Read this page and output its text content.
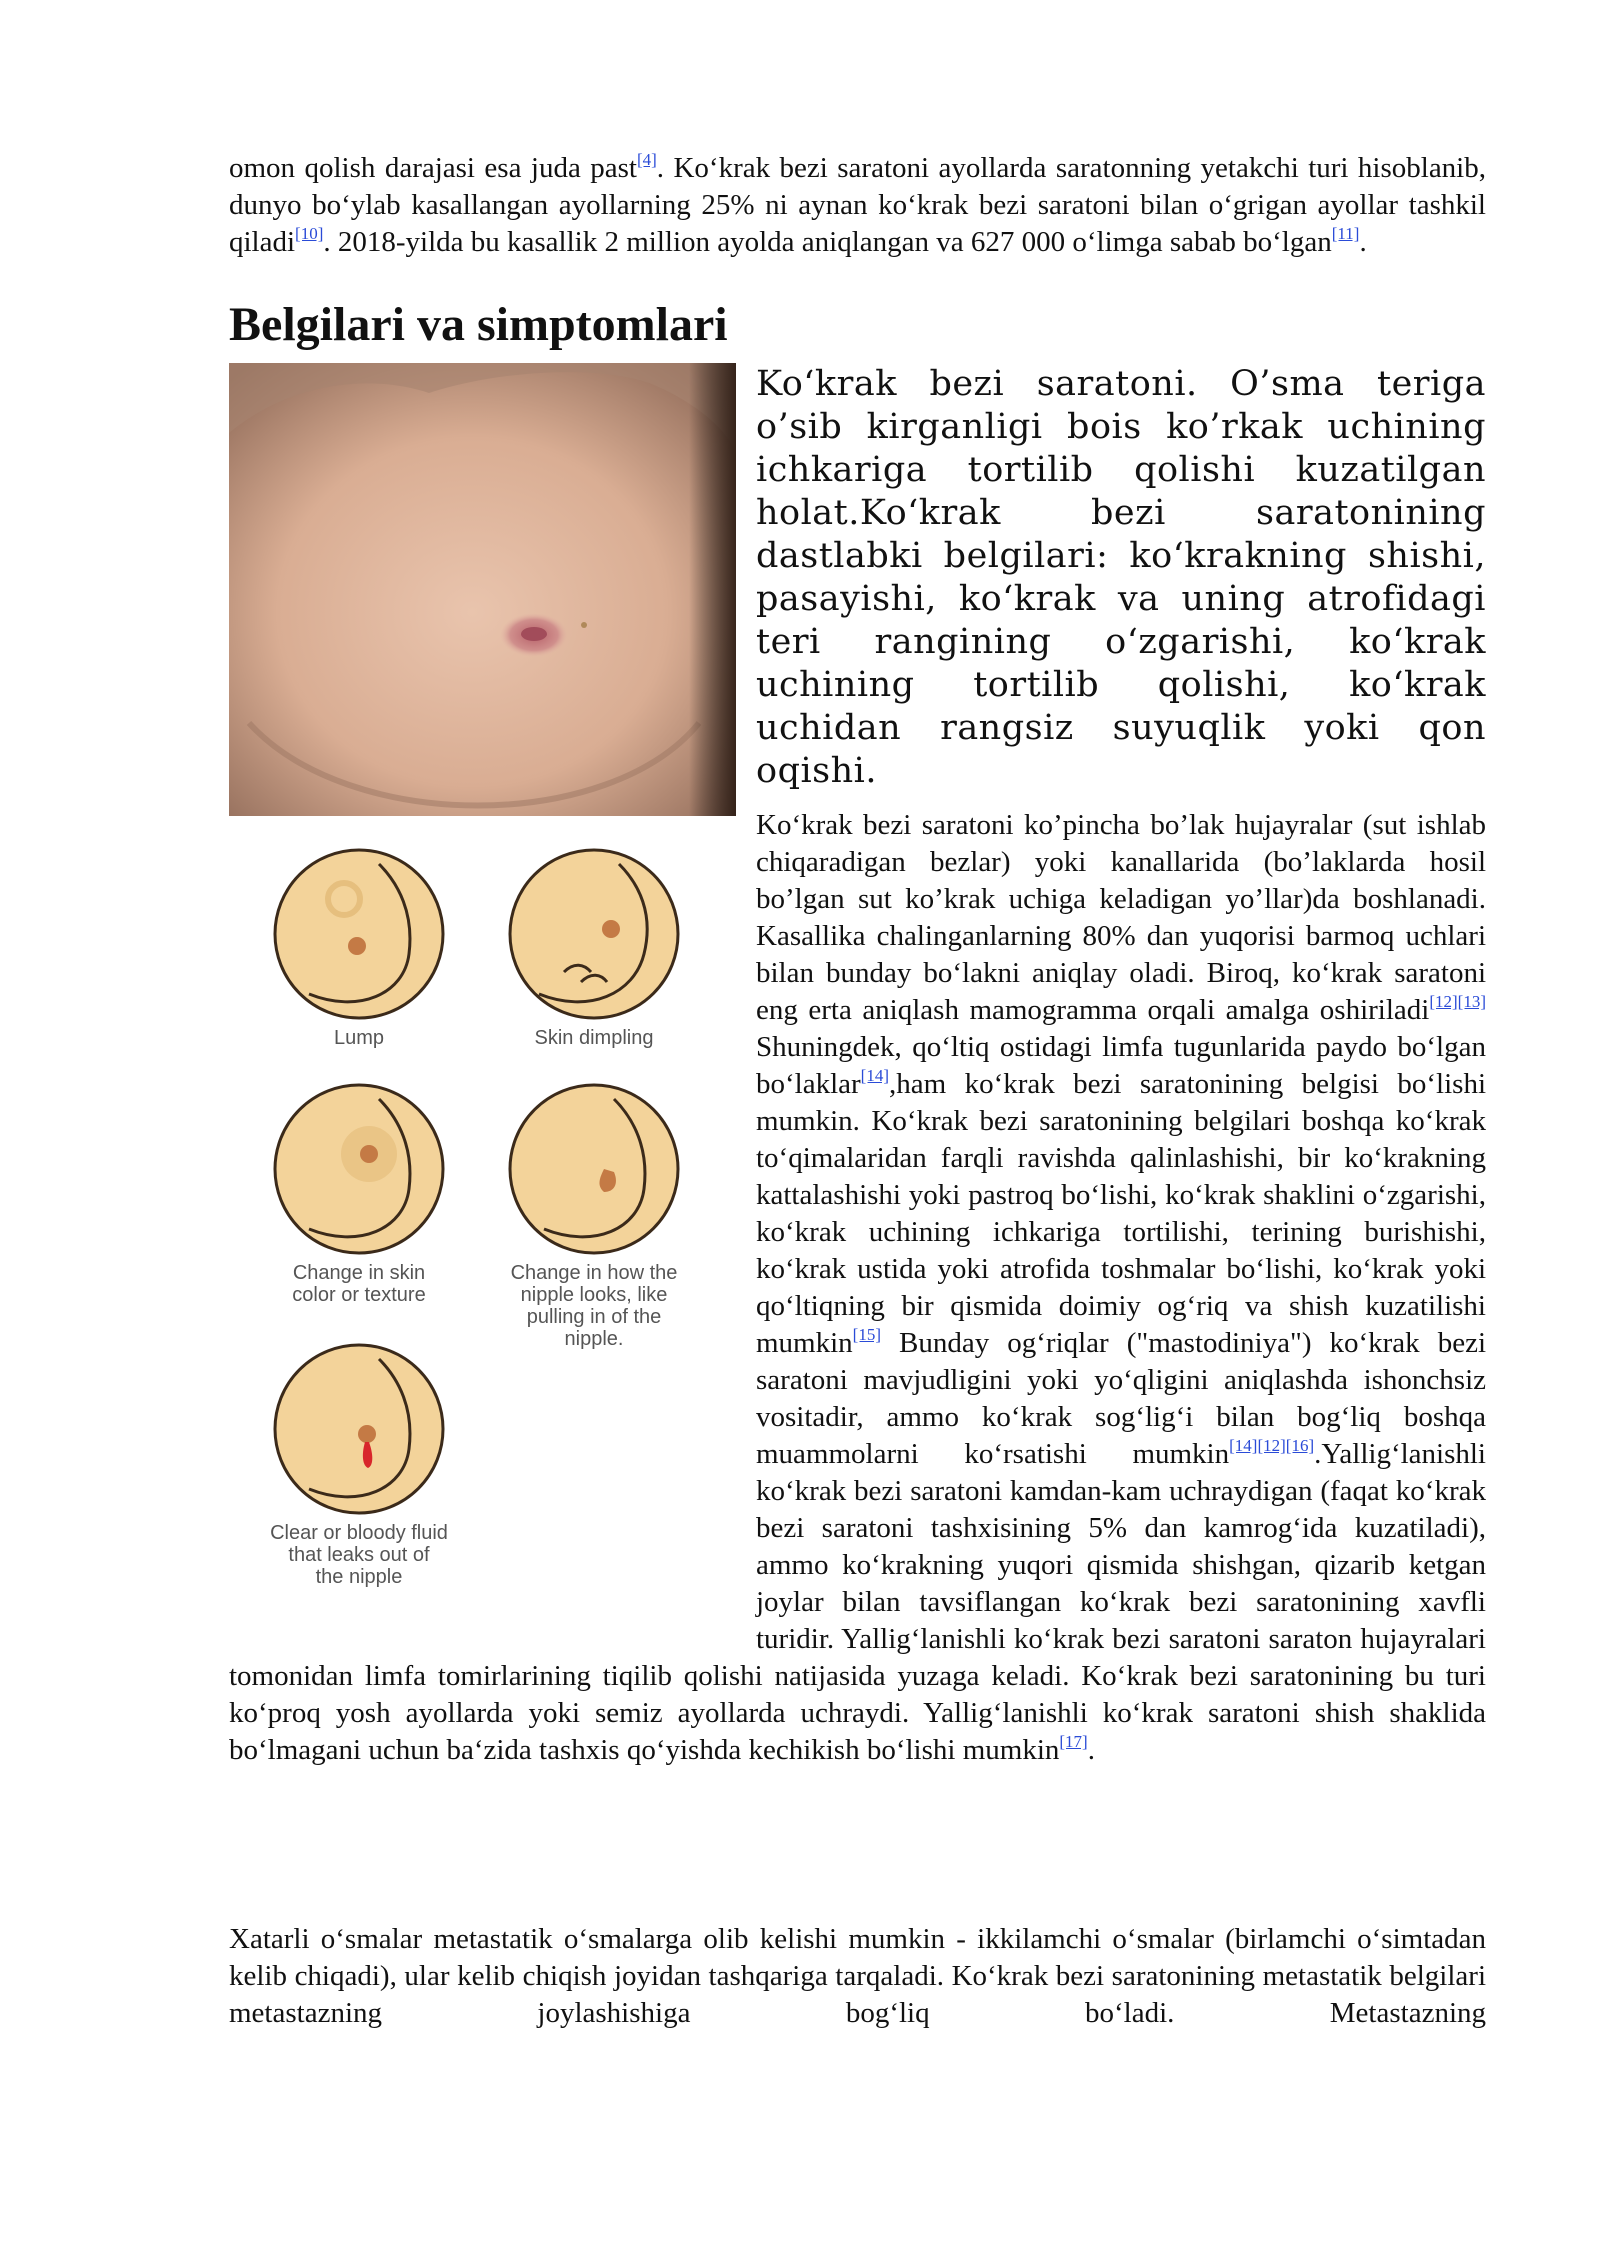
omon qolish darajasi esa juda past[4]. Ko‘krak bezi saratoni ayollarda saratonning yetakchi turi hisoblanib, dunyo bo‘ylab kasallangan ayollarning 25% ni aynan ko‘krak bezi saratoni bilan o‘grigan ayollar tashkil qiladi[10]. 2018-yilda bu kasallik 2 million ayolda aniqlangan va 627 000 o‘limga sabab bo‘lgan[11].

Belgilari va simptomlari
Lump	Skin dimpling
Change in skin
color or texture
Change in how the
nipple looks, like
pulling in of the
nipple.
Clear or bloody fluid
that leaks out of
the nipple

Ko‘krak bezi saratoni. O’sma teriga o’sib kirganligi bois ko’rkak uchining ichkariga tortilib qolishi kuzatilgan holat.Ko‘krak bezi saratonining dastlabki belgilari: ko‘krakning shishi, pasayishi, ko‘krak va uning atrofidagi teri rangining o‘zgarishi, ko‘krak uchining tortilib qolishi, ko‘krak uchidan rangsiz suyuqlik yoki qon oqishi.

Ko‘krak bezi saratoni ko’pincha bo’lak hujayralar (sut ishlab chiqaradigan bezlar) yoki kanallarida (bo’laklarda hosil bo’lgan sut ko’krak uchiga keladigan yo’llar)da boshlanadi. Kasallika chalinganlarning 80% dan yuqorisi barmoq uchlari bilan bunday bo‘lakni aniqlay oladi. Biroq, ko‘krak saratoni eng erta aniqlash mamogramma orqali amalga oshiriladi[12][13] Shuningdek, qo‘ltiq ostidagi limfa tugunlarida paydo bo‘lgan bo‘laklar[14],ham ko‘krak bezi saratonining belgisi bo‘lishi mumkin. Ko‘krak bezi saratonining belgilari boshqa ko‘krak to‘qimalaridan farqli ravishda qalinlashishi, bir ko‘krakning kattalashishi yoki pastroq bo‘lishi, ko‘krak shaklini o‘zgarishi, ko‘krak uchining ichkariga tortilishi, terining burishishi, ko‘krak ustida yoki atrofida toshmalar bo‘lishi, ko‘krak yoki qo‘ltiqning bir qismida doimiy og‘riq va shish kuzatilishi mumkin[15] Bunday og‘riqlar ("mastodiniya") ko‘krak bezi saratoni mavjudligini yoki yo‘qligini aniqlashda ishonchsiz vositadir, ammo ko‘krak sog‘lig‘i bilan bog‘liq boshqa muammolarni ko‘rsatishi mumkin[14][12][16].Yallig‘lanishli ko‘krak bezi saratoni kamdan-kam uchraydigan (faqat ko‘krak bezi saratoni tashxisining 5% dan kamrog‘ida kuzatiladi), ammo ko‘krakning yuqori qismida shishgan, qizarib ketgan joylar bilan tavsiflangan ko‘krak bezi saratonining xavfli turidir. Yallig‘lanishli ko‘krak bezi saratoni saraton hujayralari tomonidan limfa tomirlarining tiqilib qolishi natijasida yuzaga keladi. Ko‘krak bezi saratonining bu turi ko‘proq yosh ayollarda yoki semiz ayollarda uchraydi. Yallig‘lanishli ko‘krak saratoni shish shaklida bo‘lmagani uchun ba‘zida tashxis qo‘yishda kechikish bo‘lishi mumkin[17].

Xatarli o‘smalar metastatik o‘smalarga olib kelishi mumkin - ikkilamchi o‘smalar (birlamchi o‘simtadan kelib chiqadi), ular kelib chiqish joyidan tashqariga tarqaladi. Ko‘krak bezi saratonining metastatik belgilari metastazning joylashishiga bog‘liq bo‘ladi. Metastazning
